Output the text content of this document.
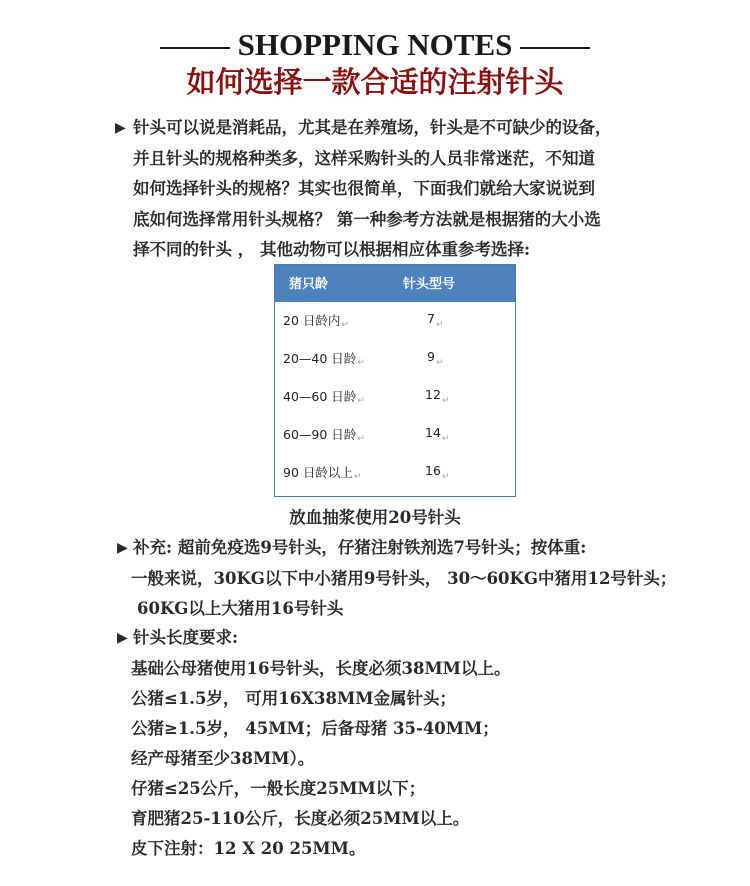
SHOPPING NOTES
如何选择一款合适的注射针头
▶ 针头可以说是消耗品，尤其是在养殖场，针头是不可缺少的设备，
并且针头的规格种类多，这样采购针头的人员非常迷茫，不知道
如何选择针头的规格？其实也很简单，下面我们就给大家说说到
底如何选择常用针头规格？ 第一种参考方法就是根据猪的大小选
择不同的针头 ， 其他动物可以根据相应体重参考选择:
猪只龄	针头型号
20 日龄内 ↵	7 ↵
20—40 日龄 ↵	9 ↵
40—60 日龄 ↵	12 ↵
60—90 日龄 ↵	14 ↵
90 日龄以上 ↵	16 ↵
放血抽浆使用20号针头
▶ 补充: 超前免疫选9号针头，仔猪注射铁剂选7号针头；按体重:
一般来说，30KG以下中小猪用9号针头， 30～60KG中猪用12号针头；
60KG以上大猪用16号针头
▶ 针头长度要求:
基础公母猪使用16号针头，长度必须38MM以上。
公猪≤1.5岁， 可用16X38MM金属针头；
公猪≥1.5岁， 45MM；后备母猪 35-40MM；
经产母猪至少38MM）。
仔猪≤25公斤，一般长度25MM以下；
育肥猪25-110公斤，长度必须25MM以上。
皮下注射：12 X 20 25MM。
